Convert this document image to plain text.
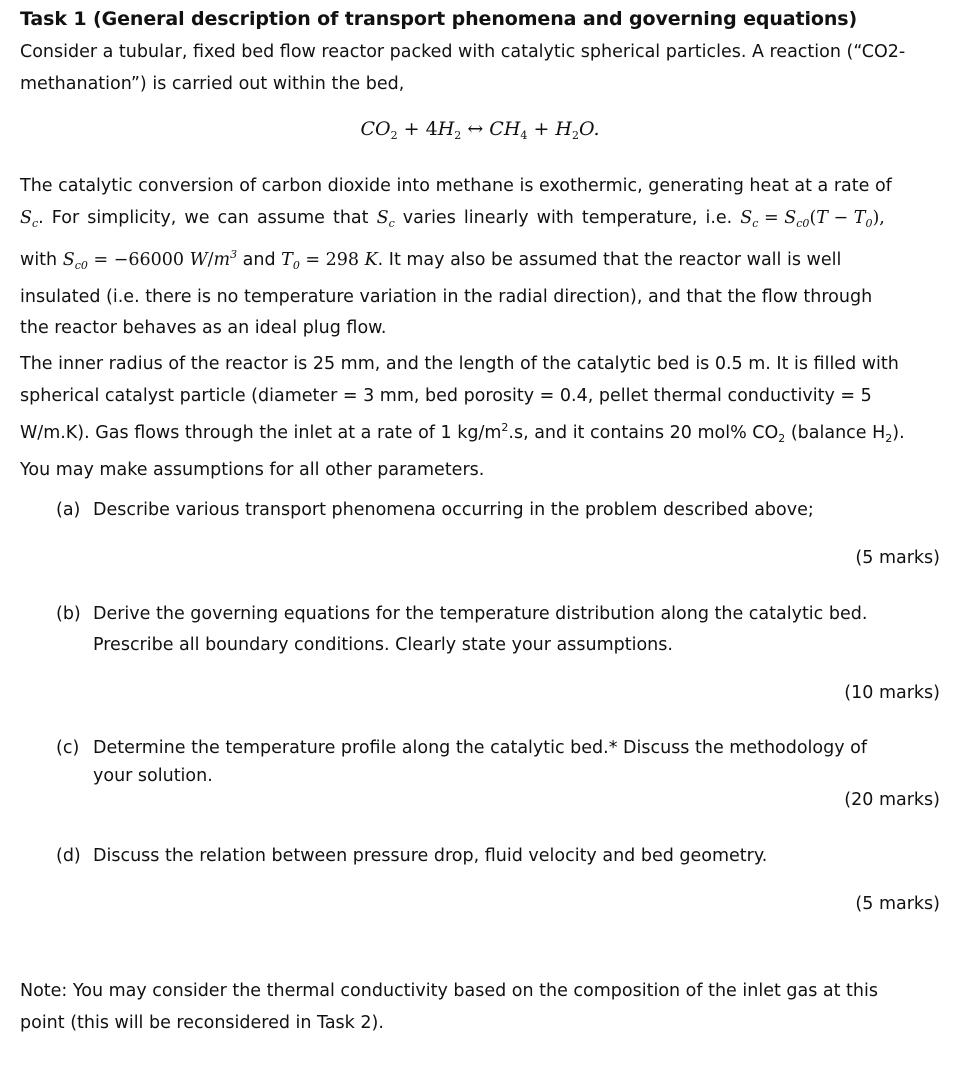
Task 1 (General description of transport phenomena and governing equations)
Consider a tubular, fixed bed flow reactor packed with catalytic spherical particles. A reaction (“CO2-
methanation”) is carried out within the bed,
$CO_2 + 4H_2$ ↔ $CH_4 + H_2O$.
The catalytic conversion of carbon dioxide into methane is exothermic, generating heat at a rate of
$S_c$. For simplicity, we can assume that $S_c$ varies linearly with temperature, i.e. $S_c = S_{c0}(T - T_0)$,
with $S_{c0} = -66000$ $W/m^3$ and $T_0 = 298$ K. It may also be assumed that the reactor wall is well
insulated (i.e. there is no temperature variation in the radial direction), and that the flow through
the reactor behaves as an ideal plug flow.
The inner radius of the reactor is 25 mm, and the length of the catalytic bed is 0.5 m. It is filled with
spherical catalyst particle (diameter = 3 mm, bed porosity = 0.4, pellet thermal conductivity = 5
W/m.K). Gas flows through the inlet at a rate of 1 $kg/m^2.s$, and it contains 20 mol% $CO_2$ (balance $H_2$).
You may make assumptions for all other parameters.
(a) Describe various transport phenomena occurring in the problem described above;
(5 marks)
(b) Derive the governing equations for the temperature distribution along the catalytic bed.
Prescribe all boundary conditions. Clearly state your assumptions.
(10 marks)
(c) Determine the temperature profile along the catalytic bed.* Discuss the methodology of
your solution.
(20 marks)
(d) Discuss the relation between pressure drop, fluid velocity and bed geometry.
(5 marks)
Note: You may consider the thermal conductivity based on the composition of the inlet gas at this
point (this will be reconsidered in Task 2).
